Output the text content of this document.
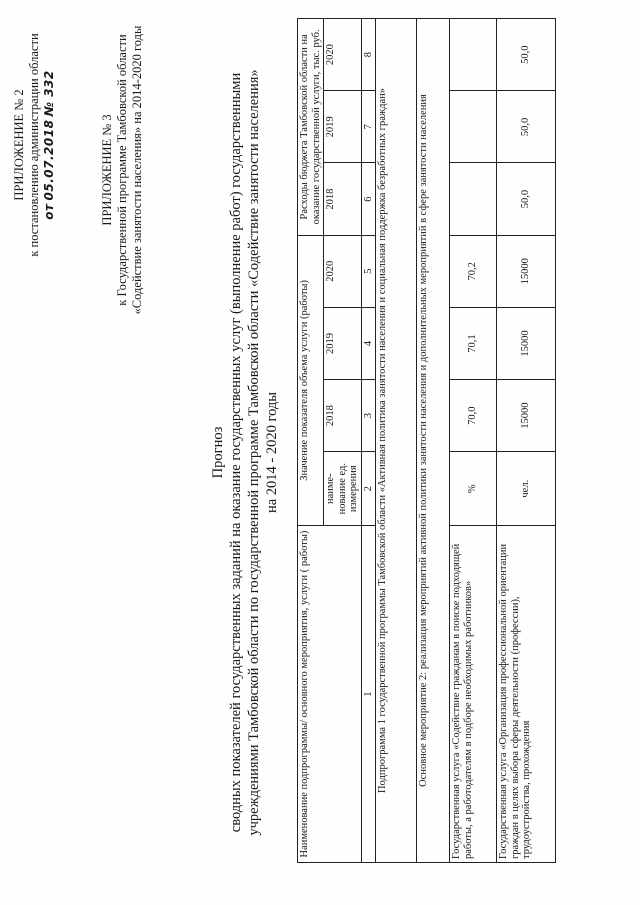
ПРИЛОЖЕНИЕ № 2 к постановлению администрации области от 05.07.2018 № 332
ПРИЛОЖЕНИЕ № 3 к Государственной программе Тамбовской области «Содействие занятости населения» на 2014-2020 годы
Прогноз сводных показателей государственных заданий на оказание государственных услуг (выполнение работ) государственными учреждениями Тамбовской области по государственной программе Тамбовской области «Содействие занятости населения» на 2014 - 2020 годы
Наименование подпрограммы/ основного мероприятия, услуги ( работы)	Значение показателя объема услуги (работы)				Расходы бюджета Тамбовской области на оказание государственной услуги, тыс. руб.		
	наиме-нование ед. измерения	2018	2019	2020	2018	2019	2020
1	2	3	4	5	6	7	8
Подпрограмма 1 государственной программы Тамбовской области «Активная политика занятости населения и социальная поддержка безработных граждан»							
Основное мероприятие 2: реализация мероприятий активной политики занятости населения и дополнительных мероприятий в сфере занятости населения							
Государственная услуга «Содействие гражданам в поиске подходящей работы, а работодателям в подборе необходимых работников»	%	70,0	70,1	70,2			
Государственная услуга «Организация профессиональной ориентации граждан в целях выбора сферы деятельности (профессии), трудоустройства, прохождения	чел.	15000	15000	15000	50,0	50,0	50,0
